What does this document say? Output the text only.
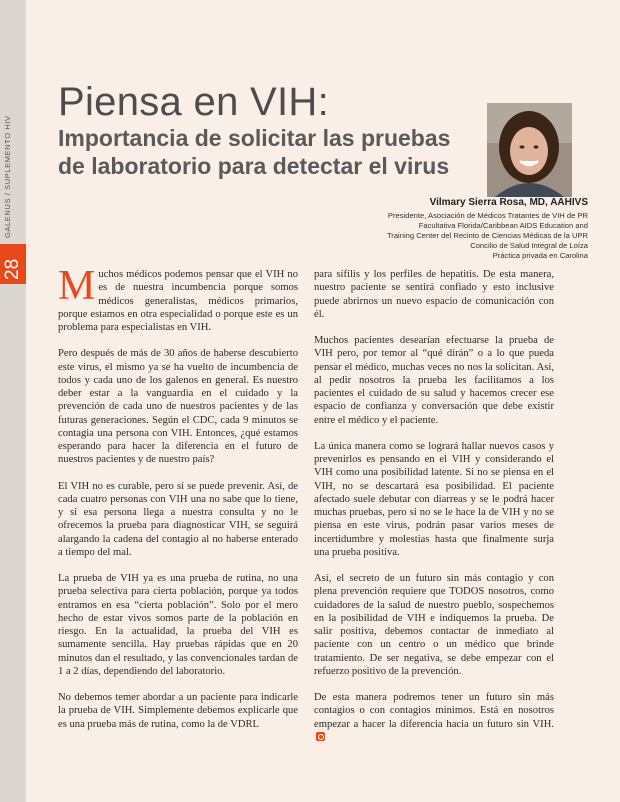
GALENUS / SUPLEMENTO HIV
28
Piensa en VIH:
Importancia de solicitar las pruebas de laboratorio para detectar el virus
Vilmary Sierra Rosa, MD, AAHIVS
Presidente, Asociación de Médicos Tratantes de VIH de PR
Facultativa Florida/Caribbean AIDS Education and
Training Center del Recinto de Ciencias Médicas de la UPR
Concilio de Salud Integral de Loíza
Práctica privada en Carolina

Muchos médicos podemos pensar que el VIH no es de nuestra incumbencia porque somos médicos generalistas, médicos primarios, porque estamos en otra especialidad o porque este es un problema para especialistas en VIH.

Pero después de más de 30 años de haberse descubierto este virus, el mismo ya se ha vuelto de incumbencia de todos y cada uno de los galenos en general. Es nuestro deber estar a la vanguardia en el cuidado y la prevención de cada uno de nuestros pacientes y de las futuras generaciones. Según el CDC, cada 9 minutos se contagia una persona con VIH. Entonces, ¿qué estamos esperando para hacer la diferencia en el futuro de nuestros pacientes y de nuestro país?

El VIH no es curable, pero sí se puede prevenir. Así, de cada cuatro personas con VIH una no sabe que lo tiene, y si esa persona llega a nuestra consulta y no le ofrecemos la prueba para diagnosticar VIH, se seguirá alargando la cadena del contagio al no haberse enterado a tiempo del mal.

La prueba de VIH ya es una prueba de rutina, no una prueba selectiva para cierta población, porque ya todos entramos en esa “cierta población”. Solo por el mero hecho de estar vivos somos parte de la población en riesgo. En la actualidad, la prueba del VIH es sumamente sencilla. Hay pruebas rápidas que en 20 minutos dan el resultado, y las convencionales tardan de 1 a 2 días, dependiendo del laboratorio.

No debemos temer abordar a un paciente para indicarle la prueba de VIH. Simplemente debemos explicarle que es una prueba más de rutina, como la de VDRL

para sífilis y los perfiles de hepatitis. De esta manera, nuestro paciente se sentirá confiado y esto inclusive puede abrirnos un nuevo espacio de comunicación con él.

Muchos pacientes desearían efectuarse la prueba de VIH pero, por temor al “qué dirán” o a lo que pueda pensar el médico, muchas veces no nos la solicitan. Así, al pedir nosotros la prueba les facilitamos a los pacientes el cuidado de su salud y hacemos crecer ese espacio de confianza y conversación que debe existir entre el médico y el paciente.

La única manera como se logrará hallar nuevos casos y prevenirlos es pensando en el VIH y considerando el VIH como una posibilidad latente. Si no se piensa en el VIH, no se descartará esa posibilidad. El paciente afectado suele debutar con diarreas y se le podrá hacer muchas pruebas, pero si no se le hace la de VIH y no se piensa en este virus, podrán pasar varios meses de incertidumbre y molestias hasta que finalmente surja una prueba positiva.

Así, el secreto de un futuro sin más contagio y con plena prevención requiere que TODOS nosotros, como cuidadores de la salud de nuestro pueblo, sospechemos en la posibilidad de VIH e indiquemos la prueba. De salir positiva, debemos contactar de inmediato al paciente con un centro o un médico que brinde tratamiento. De ser negativa, se debe empezar con el refuerzo positivo de la prevención.

De esta manera podremos tener un futuro sin más contagios o con contagios mínimos. Está en nosotros empezar a hacer la diferencia hacia un futuro sin VIH.
